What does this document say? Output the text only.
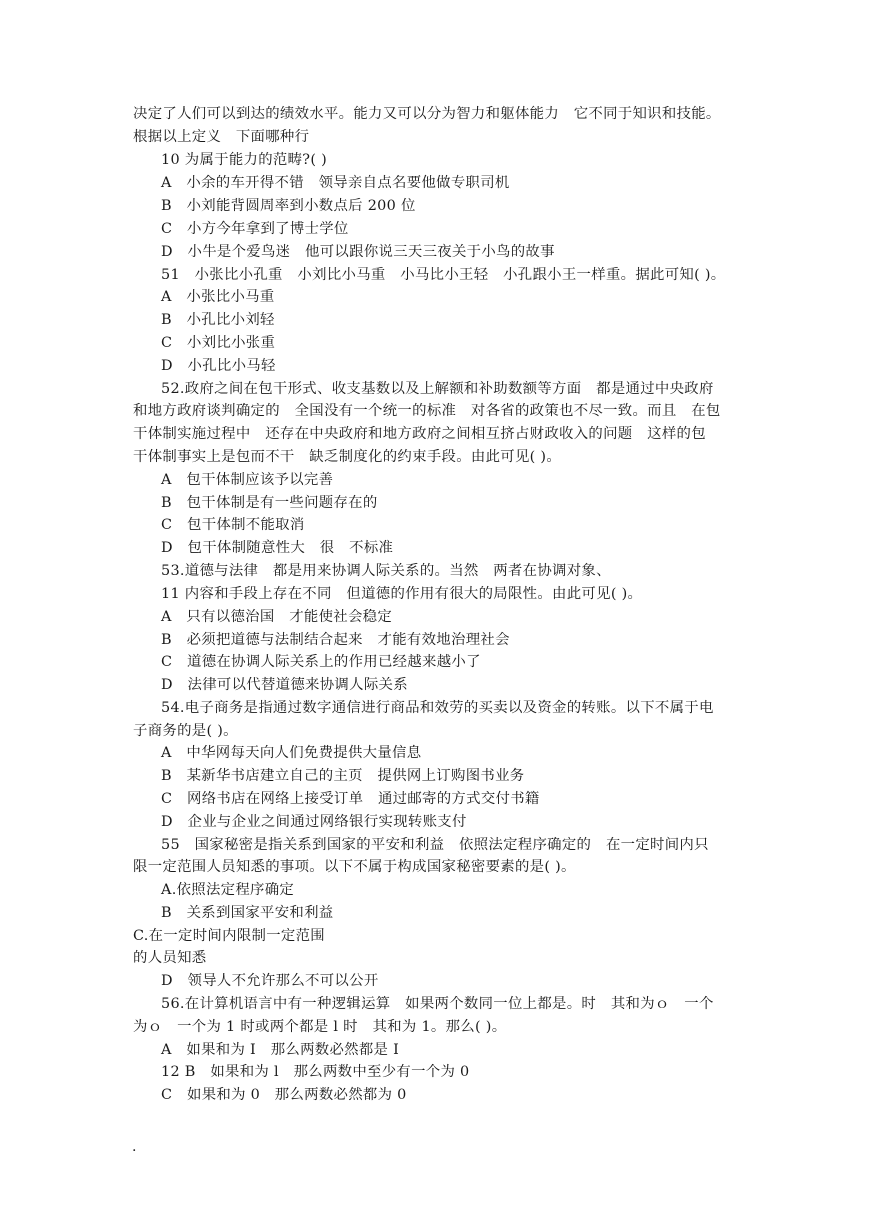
决定了人们可以到达的绩效水平。能力又可以分为智力和躯体能力　它不同于知识和技能。

根据以上定义　下面哪种行

10 为属于能力的范畴?( )

A　小余的车开得不错　领导亲自点名要他做专职司机

B　小刘能背圆周率到小数点后 200 位

C　小方今年拿到了博士学位

D　小牛是个爱鸟迷　他可以跟你说三天三夜关于小鸟的故事

51　小张比小孔重　小刘比小马重　小马比小王轻　小孔跟小王一样重。据此可知( )。

A　小张比小马重

B　小孔比小刘轻

C　小刘比小张重

D　小孔比小马轻

52.政府之间在包干形式、收支基数以及上解额和补助数额等方面　都是通过中央政府

和地方政府谈判确定的　全国没有一个统一的标准　对各省的政策也不尽一致。而且　在包

干体制实施过程中　还存在中央政府和地方政府之间相互挤占财政收入的问题　这样的包

干体制事实上是包而不干　缺乏制度化的约束手段。由此可见( )。

A　包干体制应该予以完善

B　包干体制是有一些问题存在的

C　包干体制不能取消

D　包干体制随意性大　很　不标准

53.道德与法律　都是用来协调人际关系的。当然　两者在协调对象、

11 内容和手段上存在不同　但道德的作用有很大的局限性。由此可见( )。

A　只有以德治国　才能使社会稳定

B　必须把道德与法制结合起来　才能有效地治理社会

C　道德在协调人际关系上的作用已经越来越小了

D　法律可以代替道德来协调人际关系

54.电子商务是指通过数字通信进行商品和效劳的买卖以及资金的转账。以下不属于电

子商务的是( )。

A　中华网每天向人们免费提供大量信息

B　某新华书店建立自己的主页　提供网上订购图书业务

C　网络书店在网络上接受订单　通过邮寄的方式交付书籍

D　企业与企业之间通过网络银行实现转账支付

55　国家秘密是指关系到国家的平安和利益　依照法定程序确定的　在一定时间内只

限一定范围人员知悉的事项。以下不属于构成国家秘密要素的是( )。

A.依照法定程序确定

B　关系到国家平安和利益

C.在一定时间内限制一定范围

的人员知悉

D　领导人不允许那么不可以公开

56.在计算机语言中有一种逻辑运算　如果两个数同一位上都是。时　其和为ｏ　一个

为ｏ　一个为 1 时或两个都是 l 时　其和为 1。那么( )。

A　如果和为 I　那么两数必然都是 I

12 B　如果和为 l　那么两数中至少有一个为 0

C　如果和为 0　那么两数必然都为 0

.
